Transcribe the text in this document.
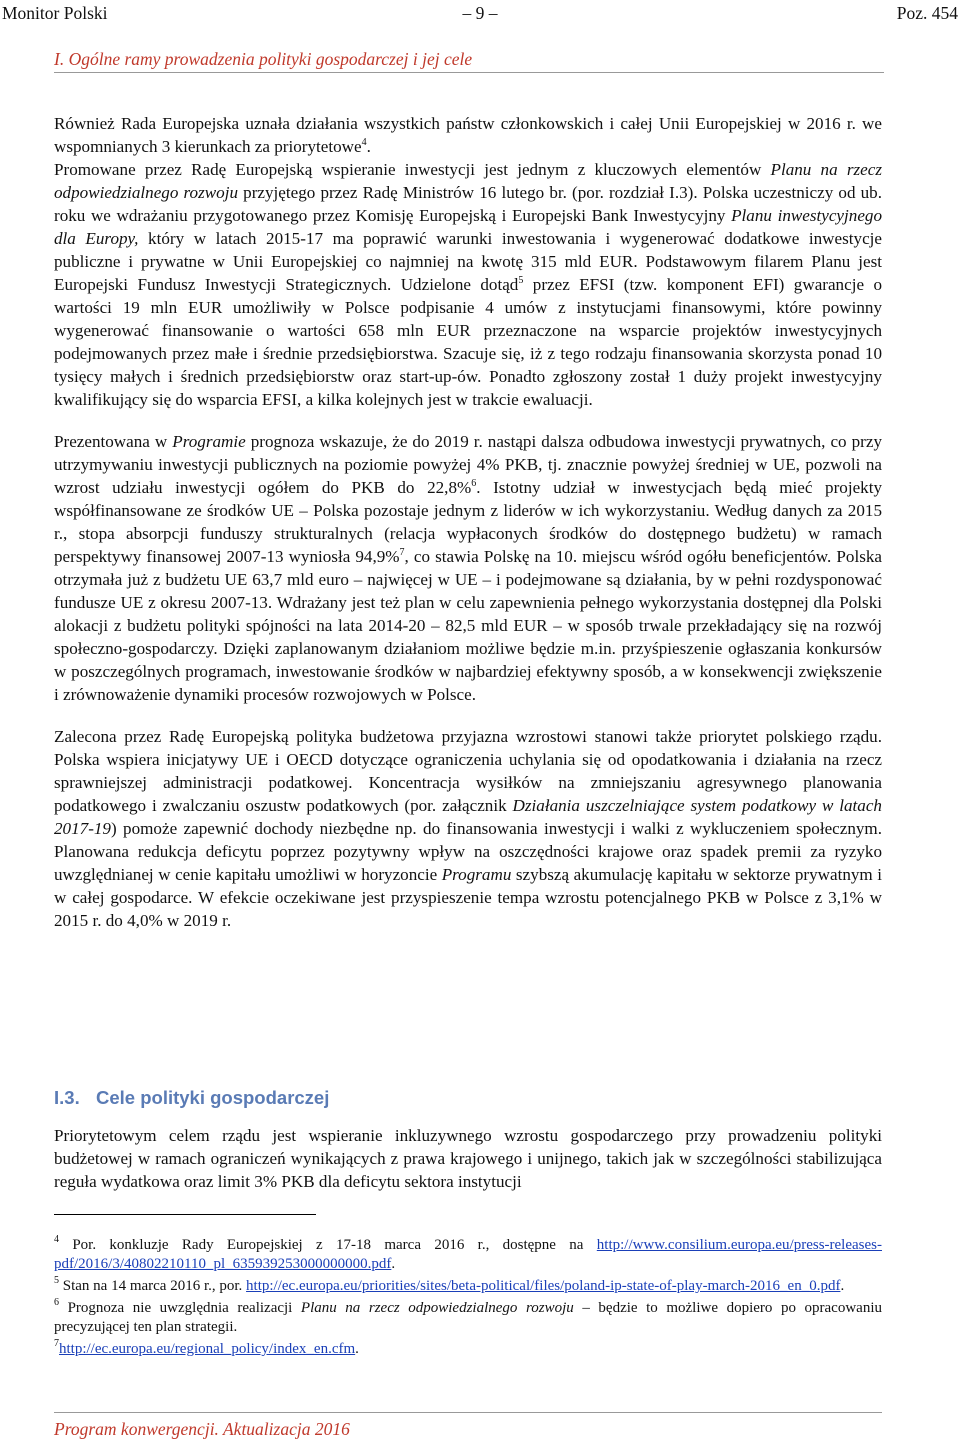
Monitor Polski	– 9 –	Poz. 454
I. Ogólne ramy prowadzenia polityki gospodarczej i jej cele

Również Rada Europejska uznała działania wszystkich państw członkowskich i całej Unii Europejskiej w 2016 r. we wspomnianych 3 kierunkach za priorytetowe$^4$.

Promowane przez Radę Europejską wspieranie inwestycji jest jednym z kluczowych elementów Planu na rzecz odpowiedzialnego rozwoju przyjętego przez Radę Ministrów 16 lutego br. (por. rozdział I.3). Polska uczestniczy od ub. roku we wdrażaniu przygotowanego przez Komisję Europejską i Europejski Bank Inwestycyjny Planu inwestycyjnego dla Europy, który w latach 2015-17 ma poprawić warunki inwestowania i wygenerować dodatkowe inwestycje publiczne i prywatne w Unii Europejskiej co najmniej na kwotę 315 mld EUR. Podstawowym filarem Planu jest Europejski Fundusz Inwestycji Strategicznych. Udzielone dotąd$^5$ przez EFSI (tzw. komponent EFI) gwarancje o wartości 19 mln EUR umożliwiły w Polsce podpisanie 4 umów z instytucjami finansowymi, które powinny wygenerować finansowanie o wartości 658 mln EUR przeznaczone na wsparcie projektów inwestycyjnych podejmowanych przez małe i średnie przedsiębiorstwa. Szacuje się, iż z tego rodzaju finansowania skorzysta ponad 10 tysięcy małych i średnich przedsiębiorstw oraz start-up-ów. Ponadto zgłoszony został 1 duży projekt inwestycyjny kwalifikujący się do wsparcia EFSI, a kilka kolejnych jest w trakcie ewaluacji.

Prezentowana w Programie prognoza wskazuje, że do 2019 r. nastąpi dalsza odbudowa inwestycji prywatnych, co przy utrzymywaniu inwestycji publicznych na poziomie powyżej 4% PKB, tj. znacznie powyżej średniej w UE, pozwoli na wzrost udziału inwestycji ogółem do PKB do 22,8%$^6$. Istotny udział w inwestycjach będą mieć projekty współfinansowane ze środków UE – Polska pozostaje jednym z liderów w ich wykorzystaniu. Według danych za 2015 r., stopa absorpcji funduszy strukturalnych (relacja wypłaconych środków do dostępnego budżetu) w ramach perspektywy finansowej 2007-13 wyniosła 94,9%$^7$, co stawia Polskę na 10. miejscu wśród ogółu beneficjentów. Polska otrzymała już z budżetu UE 63,7 mld euro – najwięcej w UE – i podejmowane są działania, by w pełni rozdysponować fundusze UE z okresu 2007-13. Wdrażany jest też plan w celu zapewnienia pełnego wykorzystania dostępnej dla Polski alokacji z budżetu polityki spójności na lata 2014-20 – 82,5 mld EUR – w sposób trwale przekładający się na rozwój społeczno-gospodarczy. Dzięki zaplanowanym działaniom możliwe będzie m.in. przyśpieszenie ogłaszania konkursów w poszczególnych programach, inwestowanie środków w najbardziej efektywny sposób, a w konsekwencji zwiększenie i zrównoważenie dynamiki procesów rozwojowych w Polsce.

Zalecona przez Radę Europejską polityka budżetowa przyjazna wzrostowi stanowi także priorytet polskiego rządu. Polska wspiera inicjatywy UE i OECD dotyczące ograniczenia uchylania się od opodatkowania i działania na rzecz sprawniejszej administracji podatkowej. Koncentracja wysiłków na zmniejszaniu agresywnego planowania podatkowego i zwalczaniu oszustw podatkowych (por. załącznik Działania uszczelniające system podatkowy w latach 2017-19) pomoże zapewnić dochody niezbędne np. do finansowania inwestycji i walki z wykluczeniem społecznym. Planowana redukcja deficytu poprzez pozytywny wpływ na oszczędności krajowe oraz spadek premii za ryzyko uwzględnianej w cenie kapitału umożliwi w horyzoncie Programu szybszą akumulację kapitału w sektorze prywatnym i w całej gospodarce. W efekcie oczekiwane jest przyspieszenie tempa wzrostu potencjalnego PKB w Polsce z 3,1% w 2015 r. do 4,0% w 2019 r.

I.3. Cele polityki gospodarczej
Priorytetowym celem rządu jest wspieranie inkluzywnego wzrostu gospodarczego przy prowadzeniu polityki budżetowej w ramach ograniczeń wynikających z prawa krajowego i unijnego, takich jak w szczególności stabilizująca reguła wydatkowa oraz limit 3% PKB dla deficytu sektora instytucji
$^4$ Por. konkluzje Rady Europejskiej z 17-18 marca 2016 r., dostępne na http://www.consilium.europa.eu/press-releases-pdf/2016/3/40802210110_pl_635939253000000000.pdf.
$^5$ Stan na 14 marca 2016 r., por. http://ec.europa.eu/priorities/sites/beta-political/files/poland-ip-state-of-play-march-2016_en_0.pdf.
$^6$ Prognoza nie uwzględnia realizacji Planu na rzecz odpowiedzialnego rozwoju – będzie to możliwe dopiero po opracowaniu precyzującej ten plan strategii.
$^7$http://ec.europa.eu/regional_policy/index_en.cfm.
Program konwergencji. Aktualizacja 2016
